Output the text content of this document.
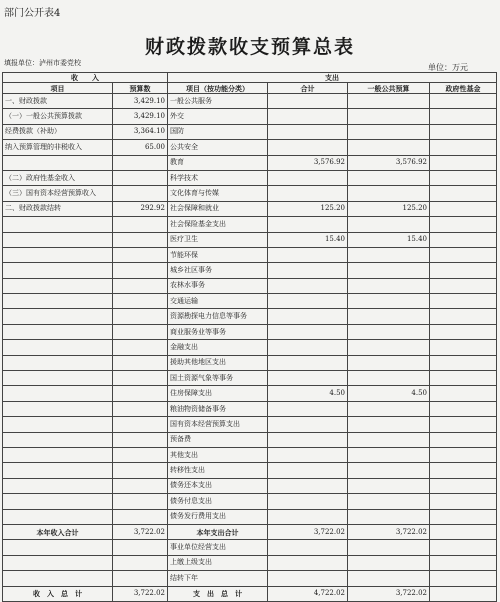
部门公开表4
财政拨款收支预算总表
填报单位：泸州市委党校	单位：万元
收　　入		支出			
项目	预算数	项目（按功能分类）	合计	一般公共预算	政府性基金
一、财政拨款	3,429.10	一般公共服务			
（一）一般公共预算拨款	3,429.10	外交			
经费拨款（补助）	3,364.10	国防			
纳入预算管理的非税收入	65.00	公共安全			
		教育	3,576.92	3,576.92	
（二）政府性基金收入		科学技术			
（三）国有资本经营预算收入		文化体育与传媒			
二、财政拨款结转	292.92	社会保障和就业	125.20	125.20	
		社会保险基金支出			
		医疗卫生	15.40	15.40	
		节能环保			
		城乡社区事务			
		农林水事务			
		交通运输			
		资源勘探电力信息等事务			
		商业服务业等事务			
		金融支出			
		援助其他地区支出			
		国土资源气象等事务			
		住房保障支出	4.50	4.50	
		粮油物资储备事务			
		国有资本经营预算支出			
		预备费			
		其他支出			
		转移性支出			
		债务还本支出			
		债务付息支出			
		债务发行费用支出			
本年收入合计	3,722.02	本年支出合计	3,722.02	3,722.02	
		事业单位经营支出			
		上缴上级支出			
		结转下年			
收　入　总　计	3,722.02	支　出　总　计	4,722.02	3,722.02	
